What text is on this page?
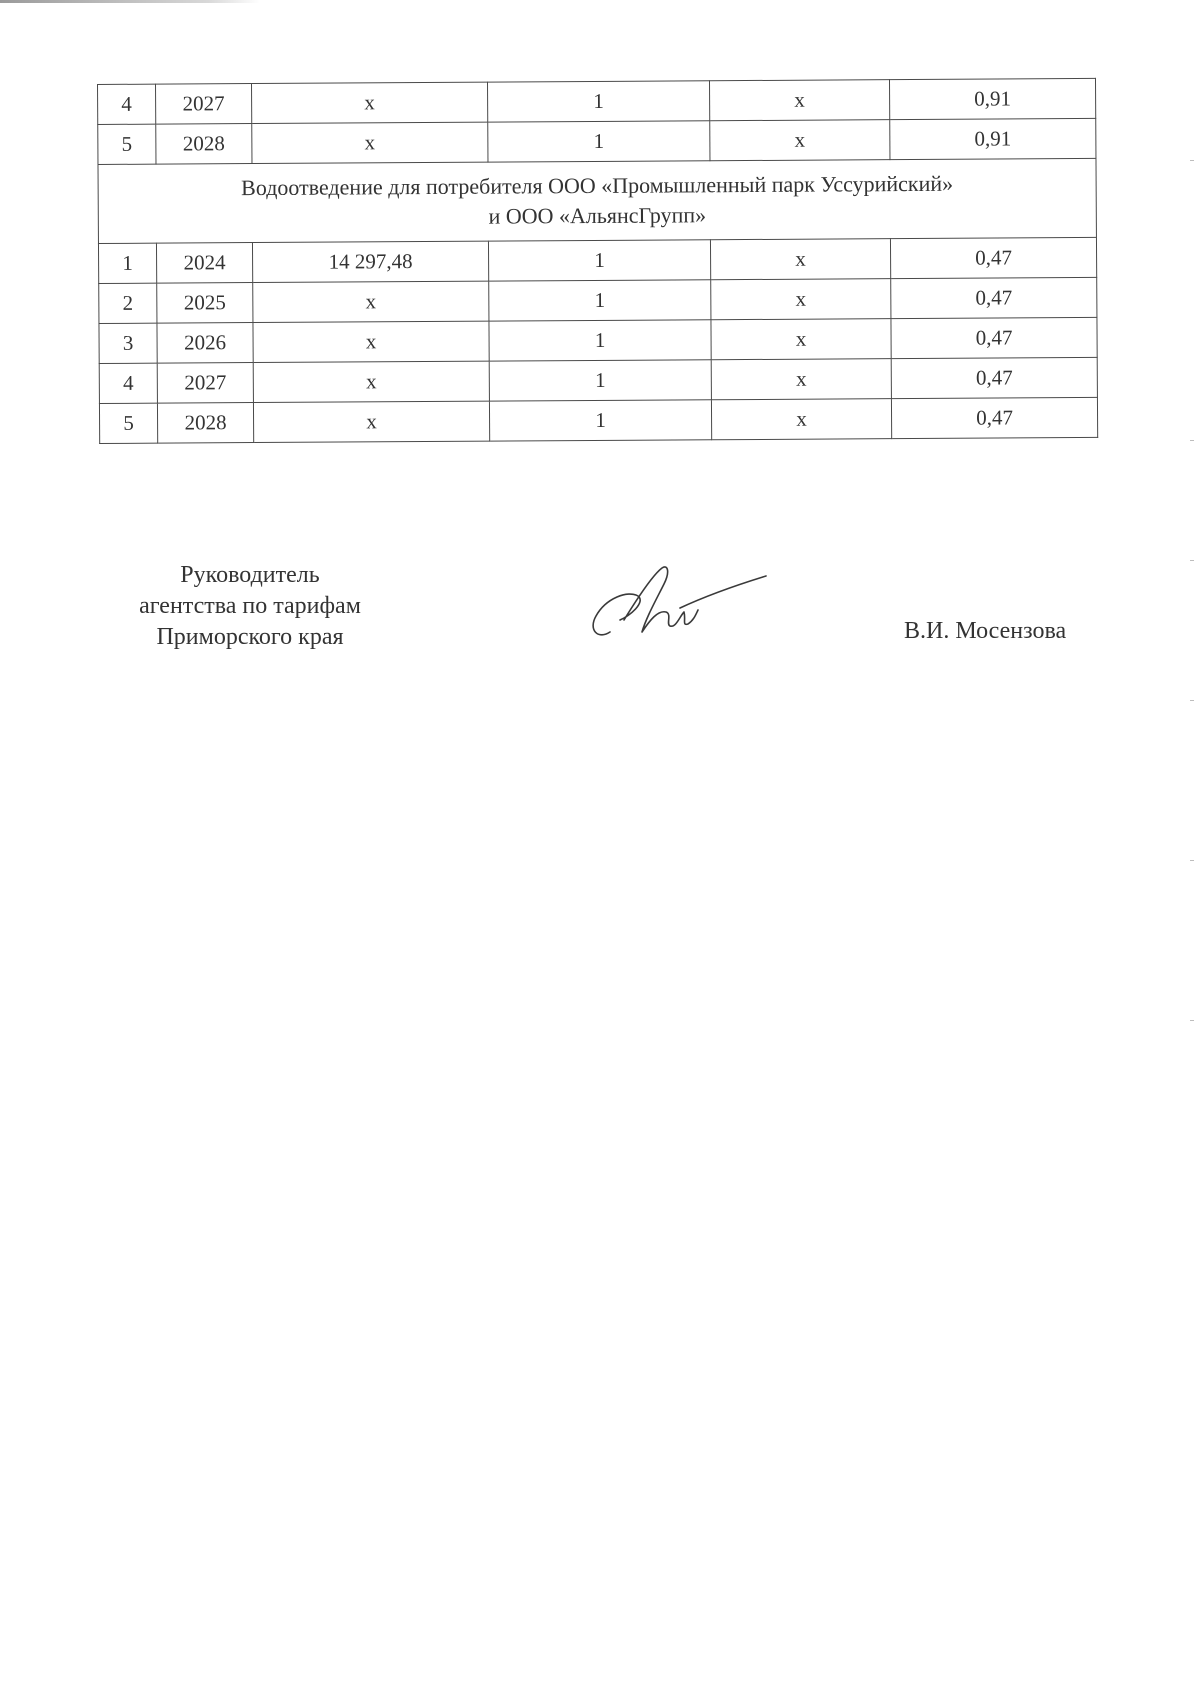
4	2027	x	1	x	0,91
5	2028	x	1	x	0,91

Водоотведение для потребителя ООО «Промышленный парк Уссурийский»
и ООО «АльянсГрупп»					

1	2024	14 297,48	1	x	0,47
2	2025	x	1	x	0,47
3	2026	x	1	x	0,47
4	2027	x	1	x	0,47
5	2028	x	1	x	0,47
Руководитель
агентства по тарифам
Приморского края	В.И. Мосензова
